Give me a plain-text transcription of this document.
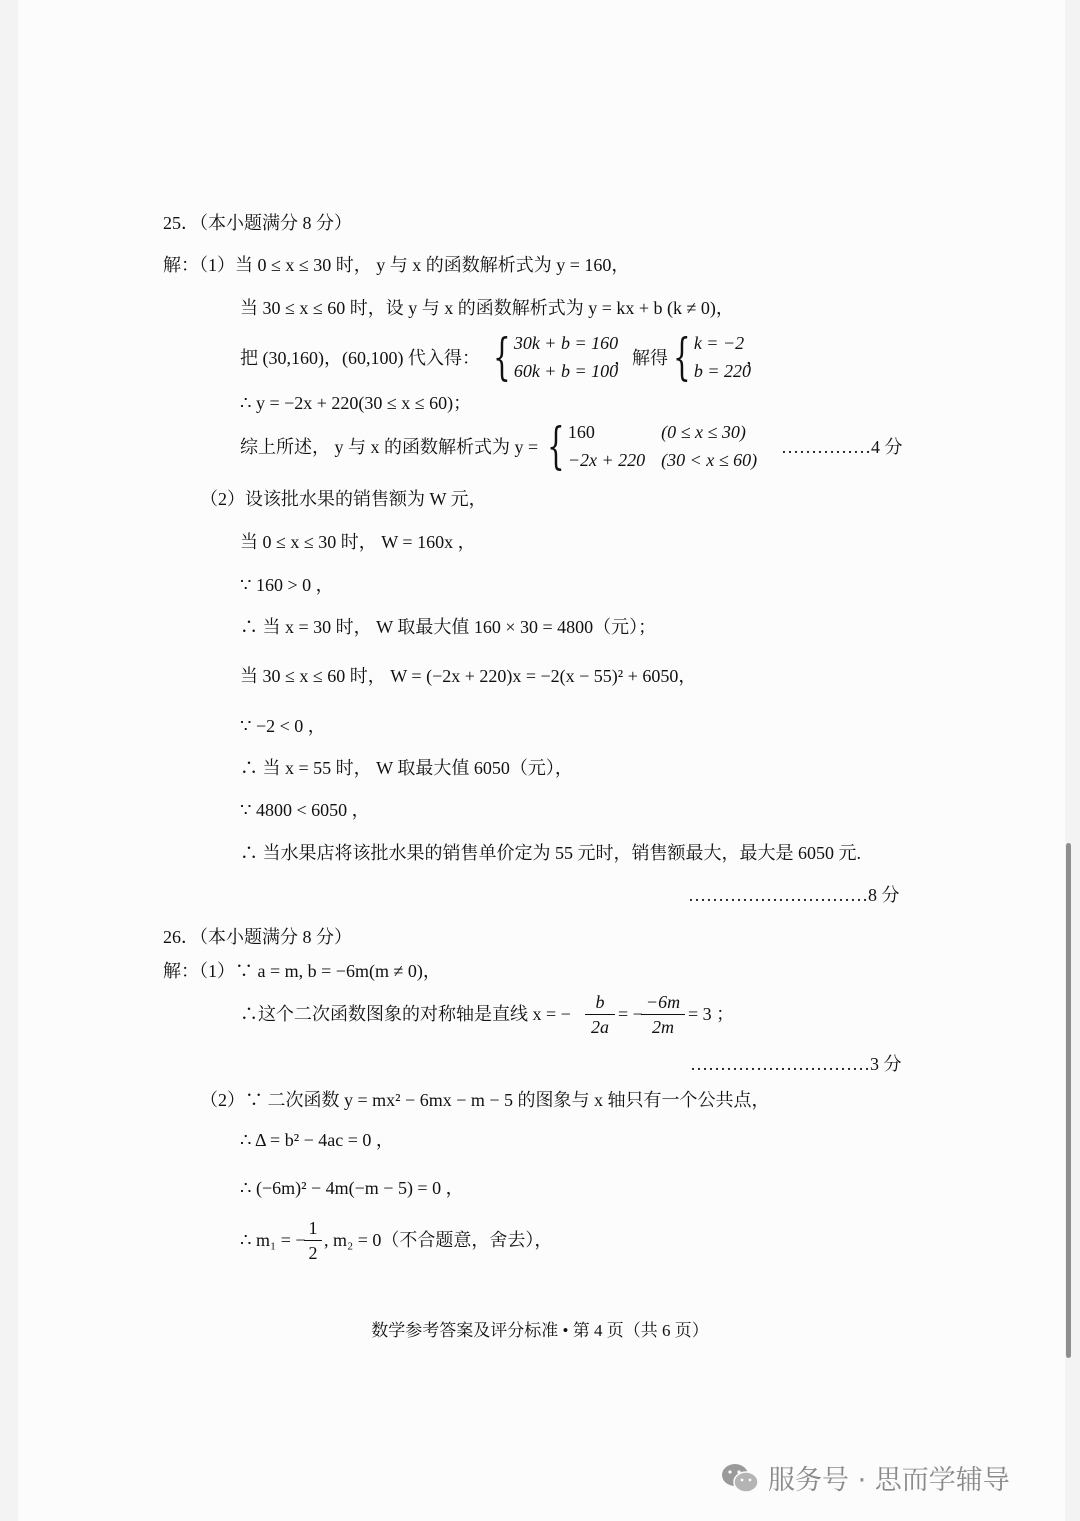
25．（本小题满分 8 分）
解：（1）当 0 ≤ x ≤ 30 时， y 与 x 的函数解析式为 y = 160，
当 30 ≤ x ≤ 60 时，设 y 与 x 的函数解析式为 y = kx + b (k ≠ 0)，
把 (30,160)，(60,100) 代入得： { 30k + b = 160
60k + b = 100
，解得 { k = −2
b = 220
，
∴ y = −2x + 220(30 ≤ x ≤ 60)；
综上所述， y 与 x 的函数解析式为 y = { 160
−2x + 220
(0 ≤ x ≤ 30)
(30 < x ≤ 60)
……………4 分
（2）设该批水果的销售额为 W 元，
当 0 ≤ x ≤ 30 时， W = 160x ，
∵ 160 > 0 ，
∴ 当 x = 30 时， W 取最大值 160 × 30 = 4800（元）；
当 30 ≤ x ≤ 60 时， W = (−2x + 220)x = −2(x − 55)² + 6050，
∵ −2 < 0 ，
∴ 当 x = 55 时， W 取最大值 6050（元），
∵ 4800 < 6050 ，
∴ 当水果店将该批水果的销售单价定为 55 元时，销售额最大，最大是 6050 元.
…………………………8 分
26．（本小题满分 8 分）
解：（1）∵ a = m, b = −6m(m ≠ 0)，
∴这个二次函数图象的对称轴是直线 x = − $\frac{b}{2a}$ = −
$\frac{-6m}{2m} = 3$ ；
…………………………3 分
（2）∵ 二次函数 y = mx² − 6mx − m − 5 的图象与 x 轴只有一个公共点，
∴ Δ = b² − 4ac = 0 ，
∴ (−6m)² − 4m(−m − 5) = 0 ，
∴ m₁ = −
$\frac{1}{2}$ , m₂ = 0（不合题意，舍去），
数学参考答案及评分标准 • 第 4 页（共 6 页）
服务号 · 思而学辅导
